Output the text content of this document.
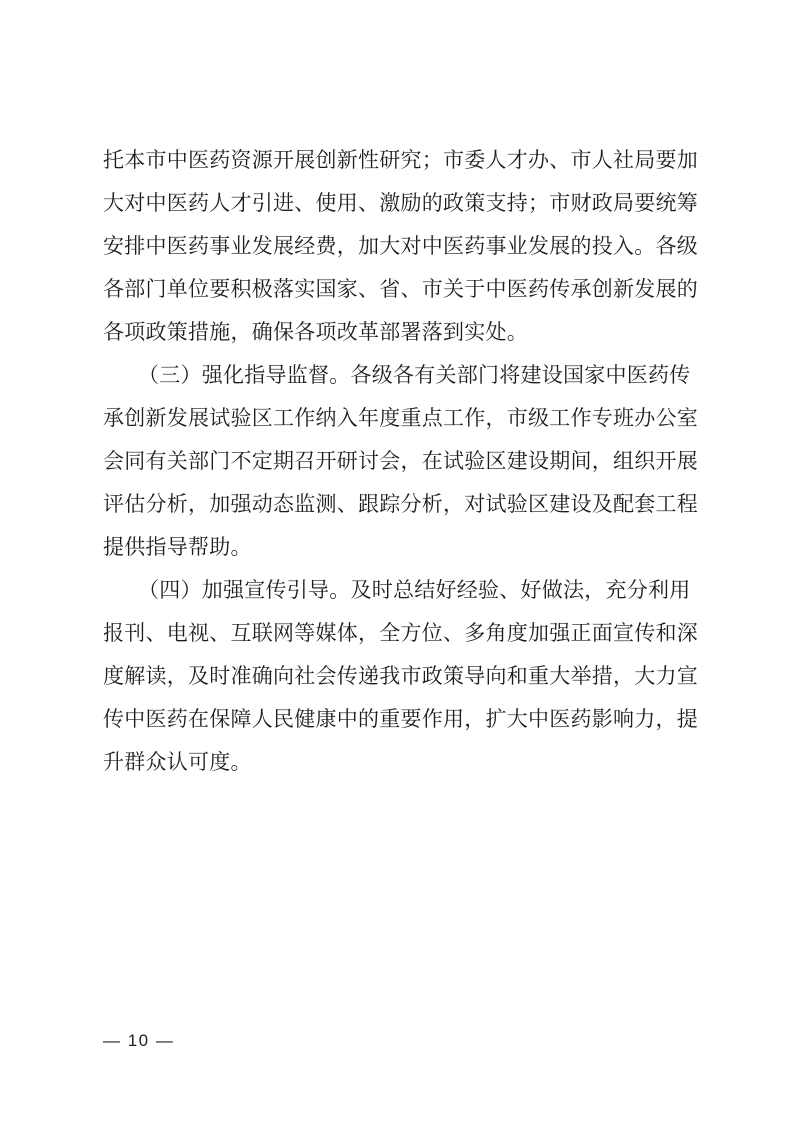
托本市中医药资源开展创新性研究；市委人才办、市人社局要加
大对中医药人才引进、使用、激励的政策支持；市财政局要统筹
安排中医药事业发展经费，加大对中医药事业发展的投入。各级
各部门单位要积极落实国家、省、市关于中医药传承创新发展的
各项政策措施，确保各项改革部署落到实处。
（三）强化指导监督。各级各有关部门将建设国家中医药传
承创新发展试验区工作纳入年度重点工作，市级工作专班办公室
会同有关部门不定期召开研讨会，在试验区建设期间，组织开展
评估分析，加强动态监测、跟踪分析，对试验区建设及配套工程
提供指导帮助。
（四）加强宣传引导。及时总结好经验、好做法，充分利用
报刊、电视、互联网等媒体，全方位、多角度加强正面宣传和深
度解读，及时准确向社会传递我市政策导向和重大举措，大力宣
传中医药在保障人民健康中的重要作用，扩大中医药影响力，提
升群众认可度。
— 10 —
